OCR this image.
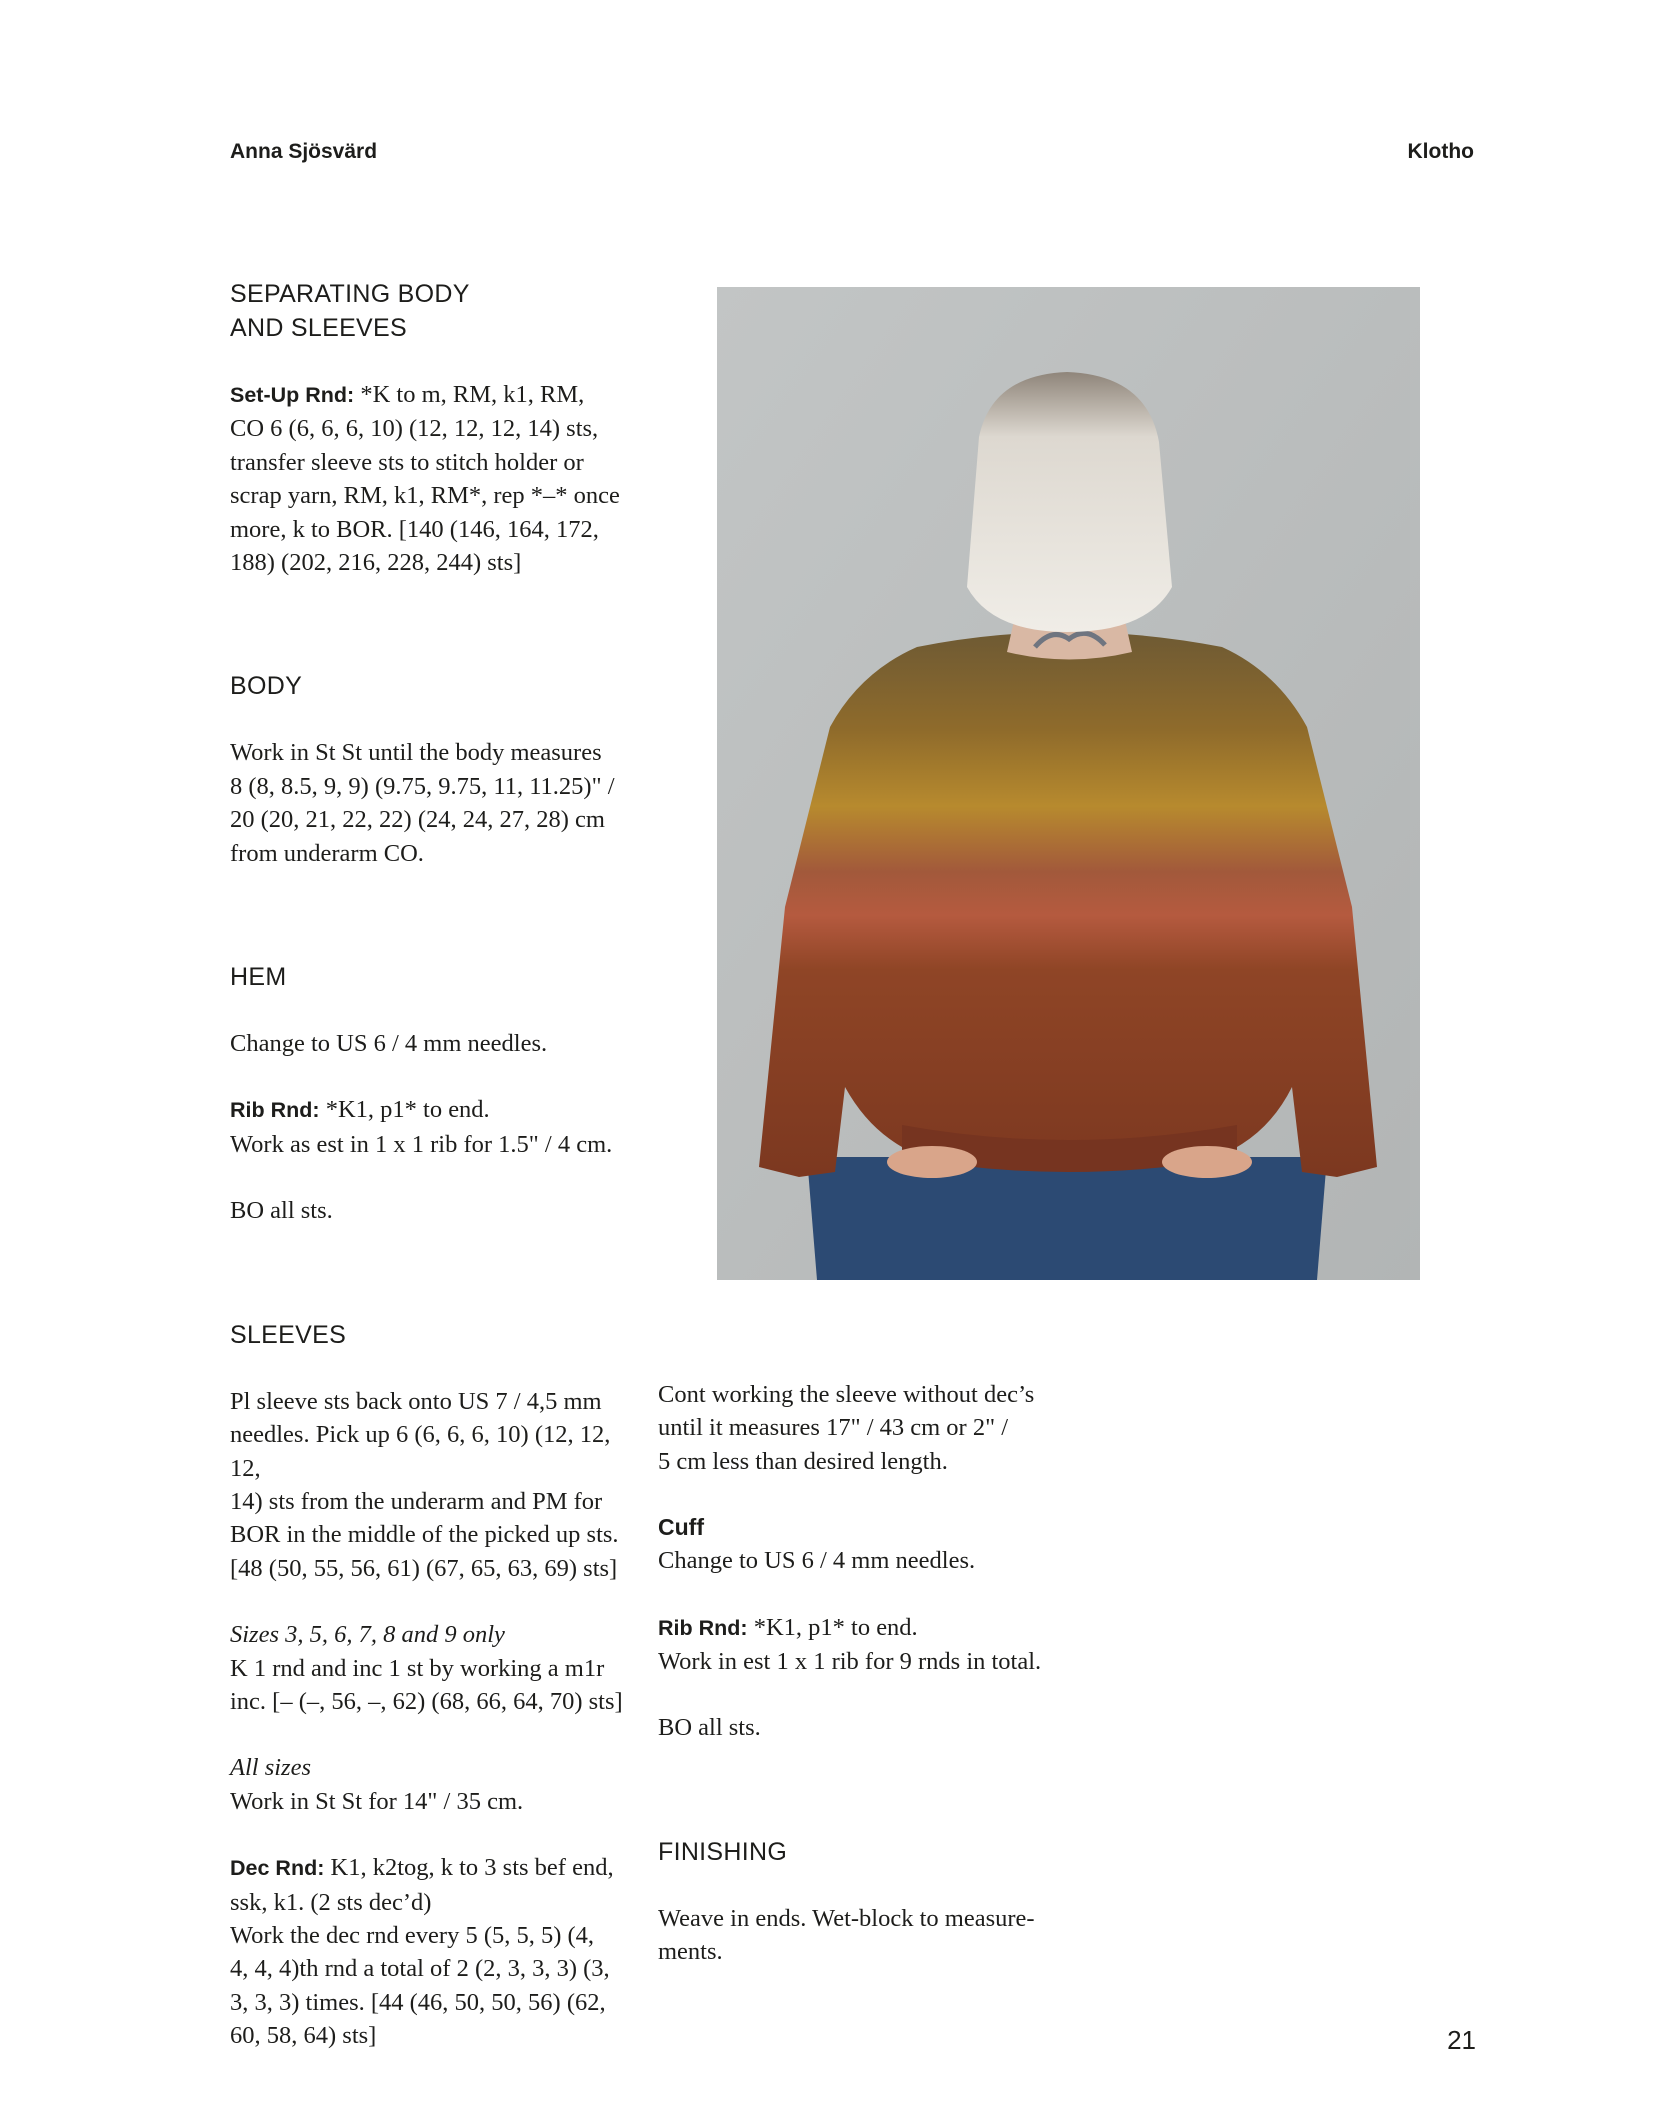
Anna Sjösvärd	Klotho
SEPARATING BODY
AND SLEEVES

Set-Up Rnd: *K to m, RM, k1, RM,
CO 6 (6, 6, 6, 10) (12, 12, 12, 14) sts,
transfer sleeve sts to stitch holder or
scrap yarn, RM, k1, RM*, rep *–* once
more, k to BOR. [140 (146, 164, 172,
188) (202, 216, 228, 244) sts]

BODY

Work in St St until the body measures
8 (8, 8.5, 9, 9) (9.75, 9.75, 11, 11.25)" /
20 (20, 21, 22, 22) (24, 24, 27, 28) cm
from underarm CO.

HEM

Change to US 6 / 4 mm needles.

Rib Rnd: *K1, p1* to end.
Work as est in 1 x 1 rib for 1.5" / 4 cm.

BO all sts.

SLEEVES

Pl sleeve sts back onto US 7 / 4,5 mm
needles. Pick up 6 (6, 6, 6, 10) (12, 12, 12,
14) sts from the underarm and PM for
BOR in the middle of the picked up sts.
[48 (50, 55, 56, 61) (67, 65, 63, 69) sts]

Sizes 3, 5, 6, 7, 8 and 9 only
K 1 rnd and inc 1 st by working a m1r
inc. [– (–, 56, –, 62) (68, 66, 64, 70) sts]

All sizes
Work in St St for 14" / 35 cm.

Dec Rnd: K1, k2tog, k to 3 sts bef end,
ssk, k1. (2 sts dec’d)
Work the dec rnd every 5 (5, 5, 5) (4,
4, 4, 4)th rnd a total of 2 (2, 3, 3, 3) (3,
3, 3, 3) times. [44 (46, 50, 50, 56) (62,
60, 58, 64) sts]

Cont working the sleeve without dec’s
until it measures 17" / 43 cm or 2" /
5 cm less than desired length.

Cuff

Change to US 6 / 4 mm needles.

Rib Rnd: *K1, p1* to end.
Work in est 1 x 1 rib for 9 rnds in total.

BO all sts.

FINISHING

Weave in ends. Wet-block to measure-
ments.

21
